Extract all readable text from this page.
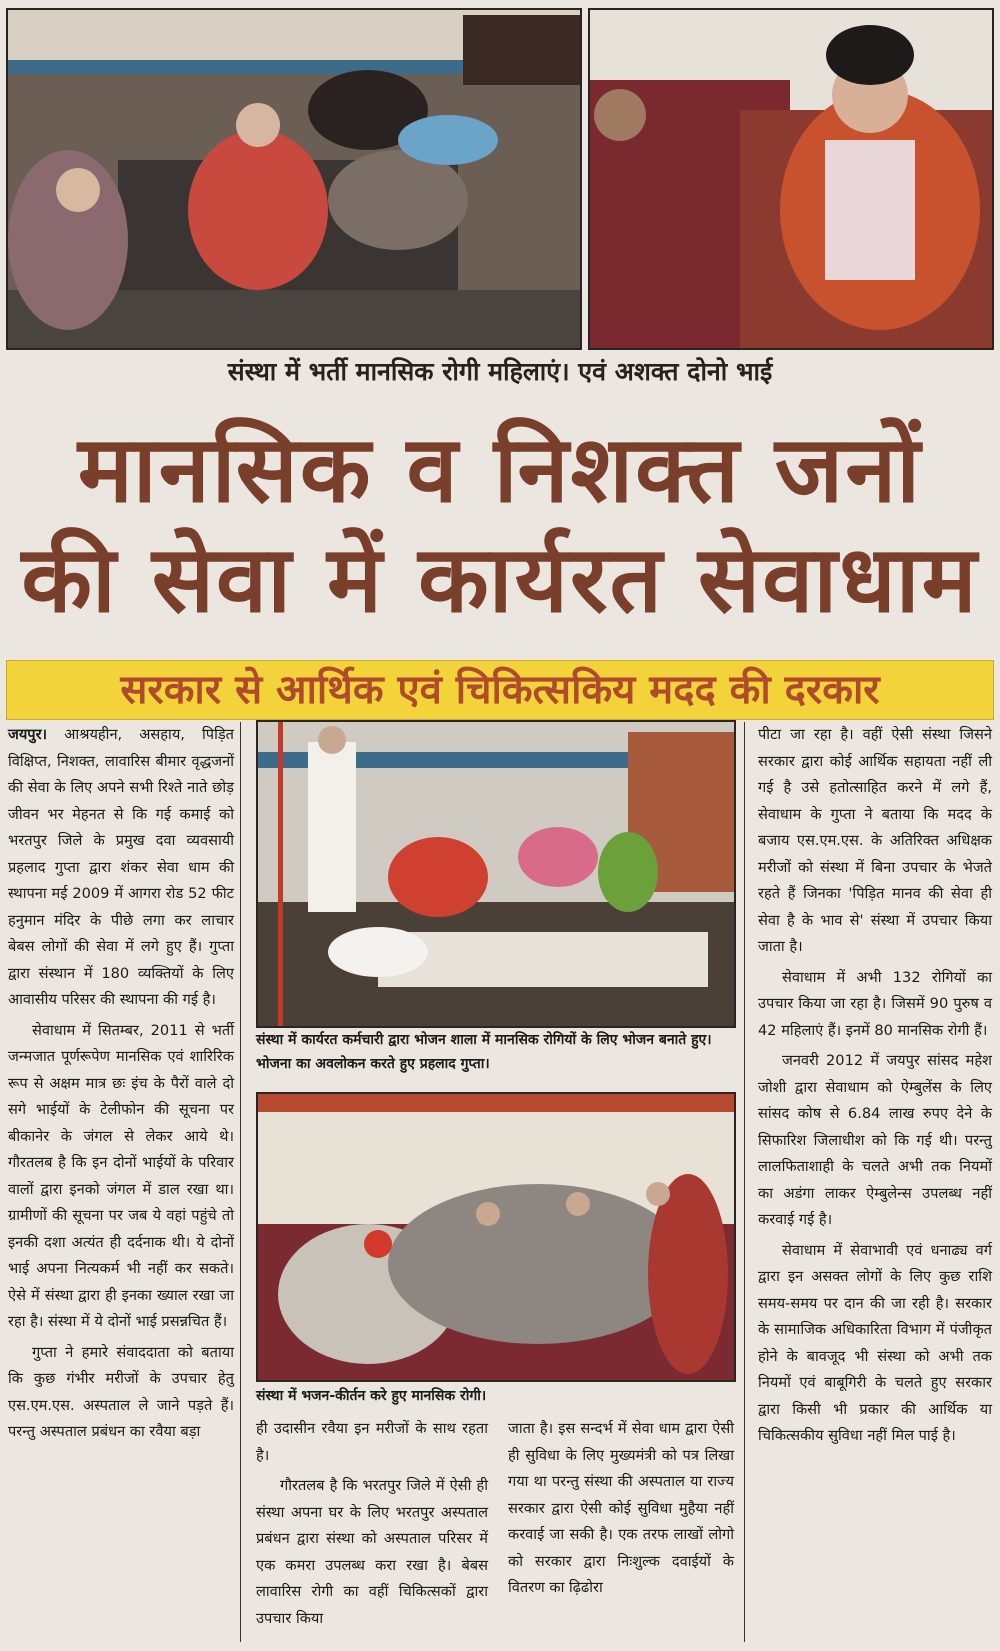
संस्था में भर्ती मानसिक रोगी महिलाएं। एवं अशक्त दोनो भाई
मानसिक व निशक्त जनों
की सेवा में कार्यरत सेवाधाम
सरकार से आर्थिक एवं चिकित्सकिय मदद की दरकार

जयपुर। आश्रयहीन, असहाय, पिड़ित विक्षिप्त, निशक्त, लावारिस बीमार वृद्धजनों की सेवा के लिए अपने सभी रिश्ते नाते छोड़ जीवन भर मेहनत से कि गई कमाई को भरतपुर जिले के प्रमुख दवा व्यवसायी प्रहलाद गुप्ता द्वारा शंकर सेवा धाम की स्थापना मई 2009 में आगरा रोड 52 फीट हनुमान मंदिर के पीछे लगा कर लाचार बेबस लोगों की सेवा में लगे हुए हैं। गुप्ता द्वारा संस्थान में 180 व्यक्तियों के लिए आवासीय परिसर की स्थापना की गई है।

सेवाधाम में सितम्बर, 2011 से भर्ती जन्मजात पूर्णरूपेण मानसिक एवं शारिरिक रूप से अक्षम मात्र छः इंच के पैरों वाले दो सगे भाईयों के टेलीफोन की सूचना पर बीकानेर के जंगल से लेकर आये थे। गौरतलब है कि इन दोनों भाईयों के परिवार वालों द्वारा इनको जंगल में डाल रखा था। ग्रामीणों की सूचना पर जब ये वहां पहुंचे तो इनकी दशा अत्यंत ही दर्दनाक थी। ये दोनों भाई अपना नित्यकर्म भी नहीं कर सकते। ऐसे में संस्था द्वारा ही इनका ख्याल रखा जा रहा है। संस्था में ये दोनों भाई प्रसन्नचित हैं।

गुप्ता ने हमारे संवाददाता को बताया कि कुछ गंभीर मरीजों के उपचार हेतु एस.एम.एस. अस्पताल ले जाने पड़ते हैं। परन्तु अस्पताल प्रबंधन का रवैया बड़ा

संस्था में कार्यरत कर्मचारी द्वारा भोजन शाला में मानसिक रोगियों के लिए भोजन बनाते हुए। भोजना का अवलोकन करते हुए प्रहलाद गुप्ता।
संस्था में भजन-कीर्तन करे हुए मानसिक रोगी।

ही उदासीन रवैया इन मरीजों के साथ रहता है।

गौरतलब है कि भरतपुर जिले में ऐसी ही संस्था अपना घर के लिए भरतपुर अस्पताल प्रबंधन द्वारा संस्था को अस्पताल परिसर में एक कमरा उपलब्ध करा रखा है। बेबस लावारिस रोगी का वहीं चिकित्सकों द्वारा उपचार किया

जाता है। इस सन्दर्भ में सेवा धाम द्वारा ऐसी ही सुविधा के लिए मुख्यमंत्री को पत्र लिखा गया था परन्तु संस्था की अस्पताल या राज्य सरकार द्वारा ऐसी कोई सुविधा मुहैया नहीं करवाई जा सकी है। एक तरफ लाखों लोगो को सरकार द्वारा निःशुल्क दवाईयों के वितरण का ढ़िढोरा

पीटा जा रहा है। वहीं ऐसी संस्था जिसने सरकार द्वारा कोई आर्थिक सहायता नहीं ली गई है उसे हतोत्साहित करने में लगे हैं, सेवाधाम के गुप्ता ने बताया कि मदद के बजाय एस.एम.एस. के अतिरिक्त अधिक्षक मरीजों को संस्था में बिना उपचार के भेजते रहते हैं जिनका 'पिड़ित मानव की सेवा ही सेवा है के भाव से' संस्था में उपचार किया जाता है।

सेवाधाम में अभी 132 रोगियों का उपचार किया जा रहा है। जिसमें 90 पुरुष व 42 महिलाएं हैं। इनमें 80 मानसिक रोगी हैं।

जनवरी 2012 में जयपुर सांसद महेश जोशी द्वारा सेवाधाम को ऐम्बुलेंस के लिए सांसद कोष से 6.84 लाख रुपए देने के सिफारिश जिलाधीश को कि गई थी। परन्तु लालफिताशाही के चलते अभी तक नियमों का अडंगा लाकर ऐम्बुलेन्स उपलब्ध नहीं करवाई गई है।

सेवाधाम में सेवाभावी एवं धनाढ्य वर्ग द्वारा इन असक्त लोगों के लिए कुछ राशि समय-समय पर दान की जा रही है। सरकार के सामाजिक अधिकारिता विभाग में पंजीकृत होने के बावजूद भी संस्था को अभी तक नियमों एवं बाबूगिरी के चलते हुए सरकार द्वारा किसी भी प्रकार की आर्थिक या चिकित्सकीय सुविधा नहीं मिल पाई है।
